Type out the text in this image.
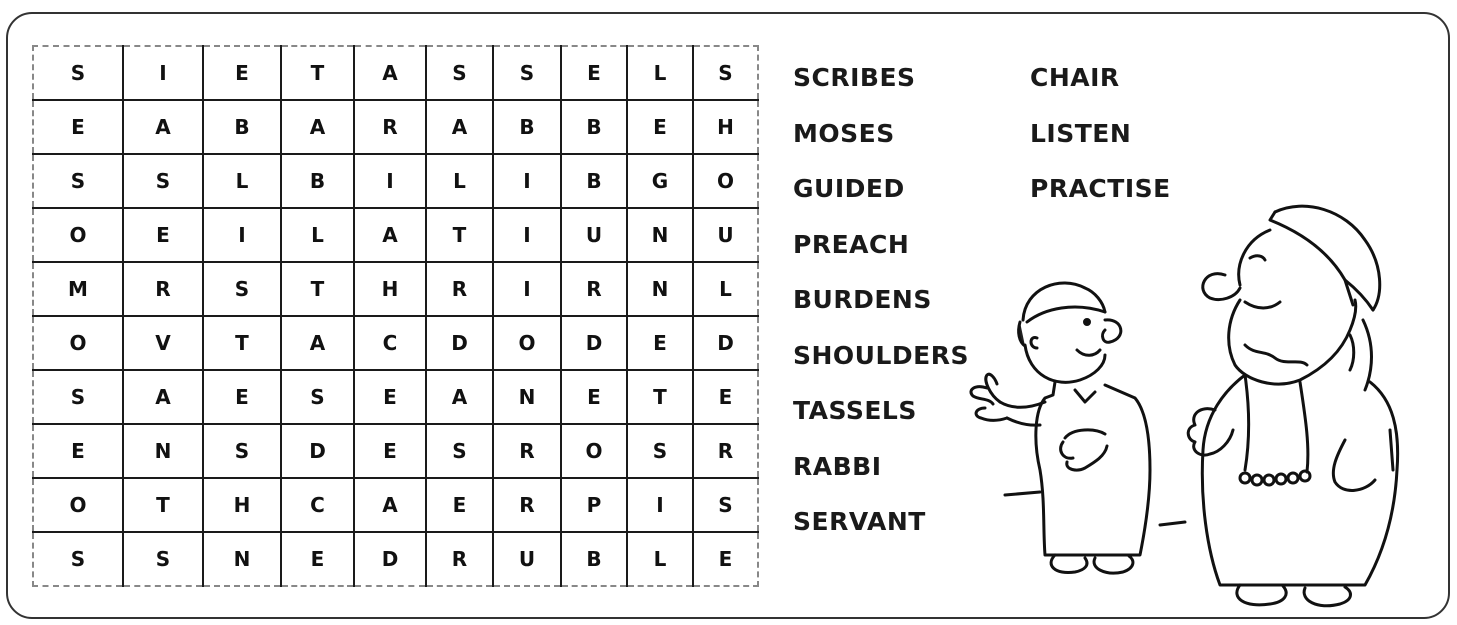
S	I	E	T	A	S	S	E	L	S
E	A	B	A	R	A	B	B	E	H
S	S	L	B	I	L	I	B	G	O
O	E	I	L	A	T	I	U	N	U
M	R	S	T	H	R	I	R	N	L
O	V	T	A	C	D	O	D	E	D
S	A	E	S	E	A	N	E	T	E
E	N	S	D	E	S	R	O	S	R
O	T	H	C	A	E	R	P	I	S
S	S	N	E	D	R	U	B	L	E
SCRIBES
MOSES
GUIDED
PREACH
BURDENS
SHOULDERS
TASSELS
RABBI
SERVANT
CHAIR
LISTEN
PRACTISE
